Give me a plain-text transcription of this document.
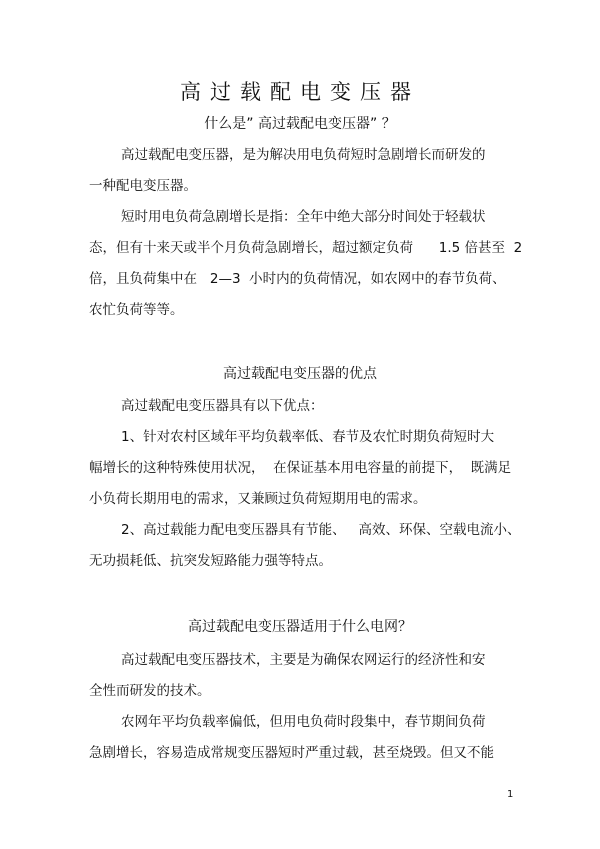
高过载配电变压器
什么是” 高过载配电变压器” ？
高过载配电变压器，是为解决用电负荷短时急剧增长而研发的
一种配电变压器。
短时用电负荷急剧增长是指：全年中绝大部分时间处于轻载状
态，但有十来天或半个月负荷急剧增长，超过额定负荷      1.5 倍甚至  2
倍，且负荷集中在   2—3  小时内的负荷情况，如农网中的春节负荷、
农忙负荷等等。
高过载配电变压器的优点
高过载配电变压器具有以下优点：
1、针对农村区域年平均负载率低、春节及农忙时期负荷短时大
幅增长的这种特殊使用状况，  在保证基本用电容量的前提下，  既满足
小负荷长期用电的需求，又兼顾过负荷短期用电的需求。
2、高过载能力配电变压器具有节能、   高效、环保、空载电流小、
无功损耗低、抗突发短路能力强等特点。
高过载配电变压器适用于什么电网？
高过载配电变压器技术，主要是为确保农网运行的经济性和安
全性而研发的技术。
农网年平均负载率偏低，但用电负荷时段集中，春节期间负荷
急剧增长，容易造成常规变压器短时严重过载，甚至烧毁。但又不能
1
